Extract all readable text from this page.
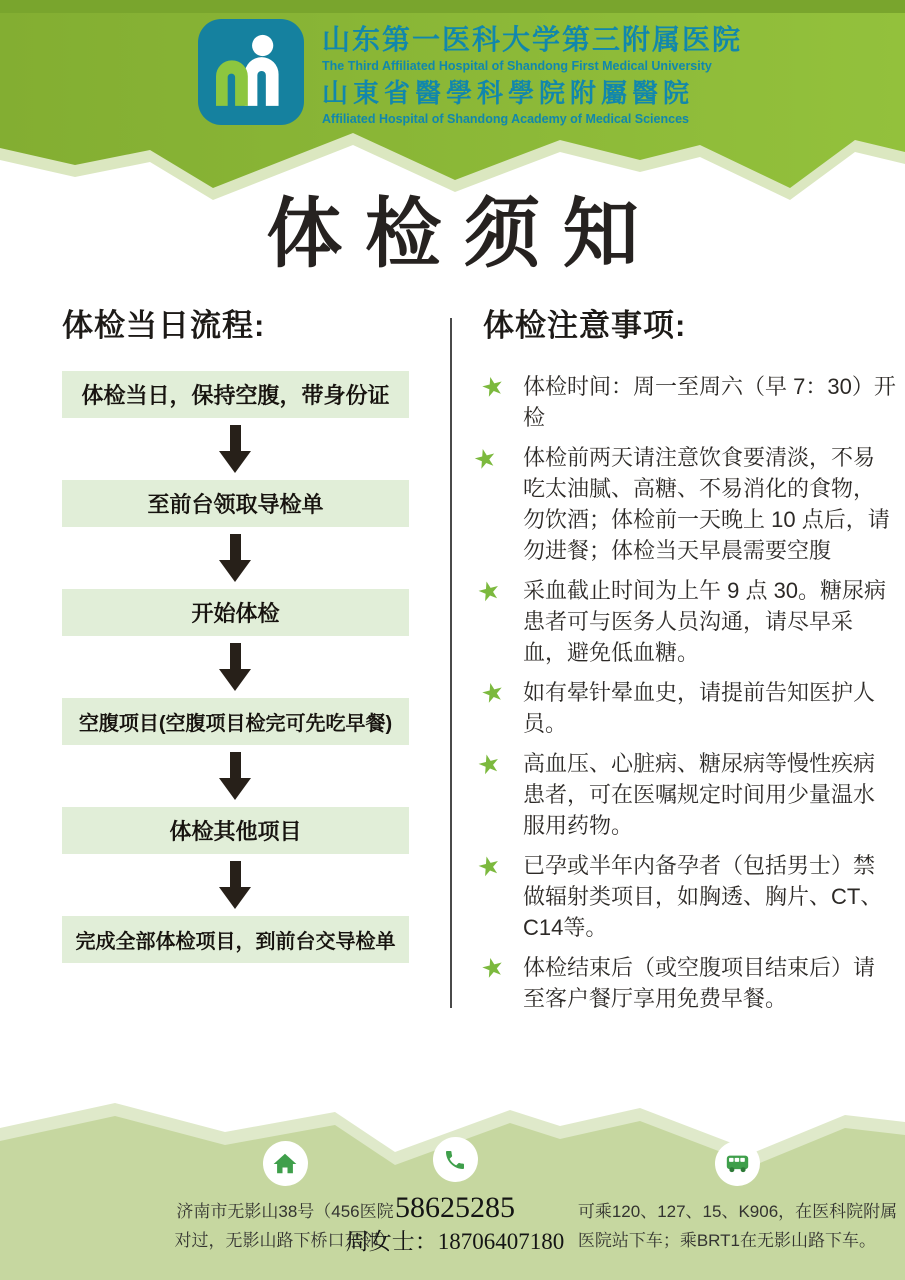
山东第一医科大学第三附属医院
The Third Affiliated Hospital of Shandong First Medical University
山東省醫學科學院附屬醫院
Affiliated Hospital of Shandong Academy of Medical Sciences
体检须知
体检当日流程:
体检当日，保持空腹，带身份证
至前台领取导检单
开始体检
空腹项目(空腹项目检完可先吃早餐)
体检其他项目
完成全部体检项目，到前台交导检单
体检注意事项:
★ 体检时间：周一至周六（早 7：30）开检

★	体检前两天请注意饮食要清淡，不易吃太油腻、高糖、不易消化的食物，勿饮酒；体检前一天晚上 10 点后，请勿进餐；体检当天早晨需要空腹

★ 采血截止时间为上午 9 点 30。糖尿病患者可与医务人员沟通，请尽早采血，避免低血糖。

★ 如有晕针晕血史，请提前告知医护人员。

★ 高血压、心脏病、糖尿病等慢性疾病患者，可在医嘱规定时间用少量温水服用药物。

★ 已孕或半年内备孕者（包括男士）禁做辐射类项目，如胸透、胸片、CT、C14等。

★ 体检结束后（或空腹项目结束后）请至客户餐厅享用免费早餐。

济南市无影山38号（456医院
对过，无影山路下桥口东邻）
58625285
周女士：18706407180
可乘120、127、15、K906，在医科院附属
医院站下车；乘BRT1在无影山路下车。
